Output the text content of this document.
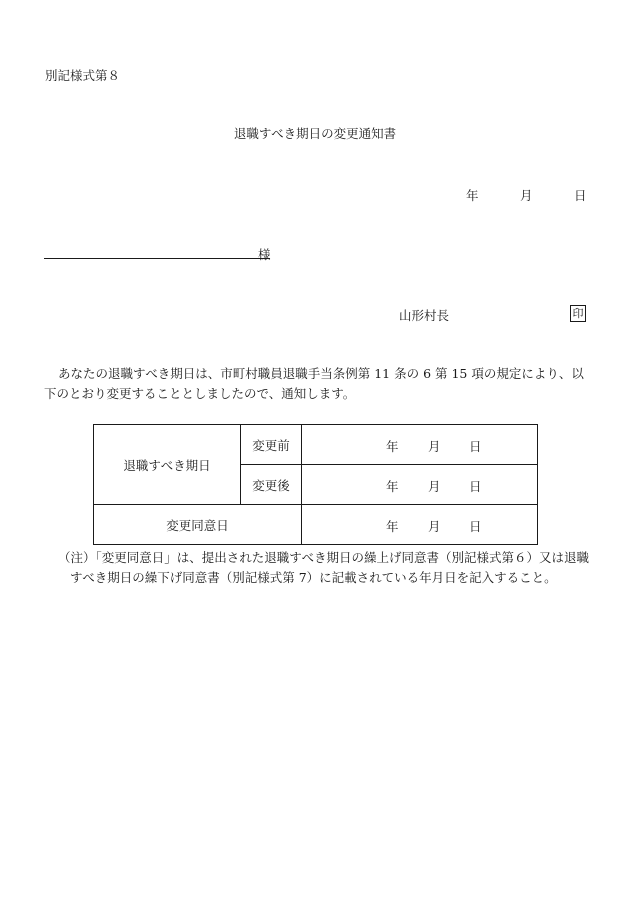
別記様式第８
退職すべき期日の変更通知書
年	月	日
様
山形村長	印
あなたの退職すべき期日は、市町村職員退職手当条例第 11 条の 6 第 15 項の規定により、以下のとおり変更することとしましたので、通知します。
退職すべき期日	変更前	年 月 日

	変更後	年 月 日

変更同意日		年 月 日
（注）「変更同意日」は、提出された退職すべき期日の繰上げ同意書（別記様式第６）又は退職すべき期日の繰下げ同意書（別記様式第 7）に記載されている年月日を記入すること。
